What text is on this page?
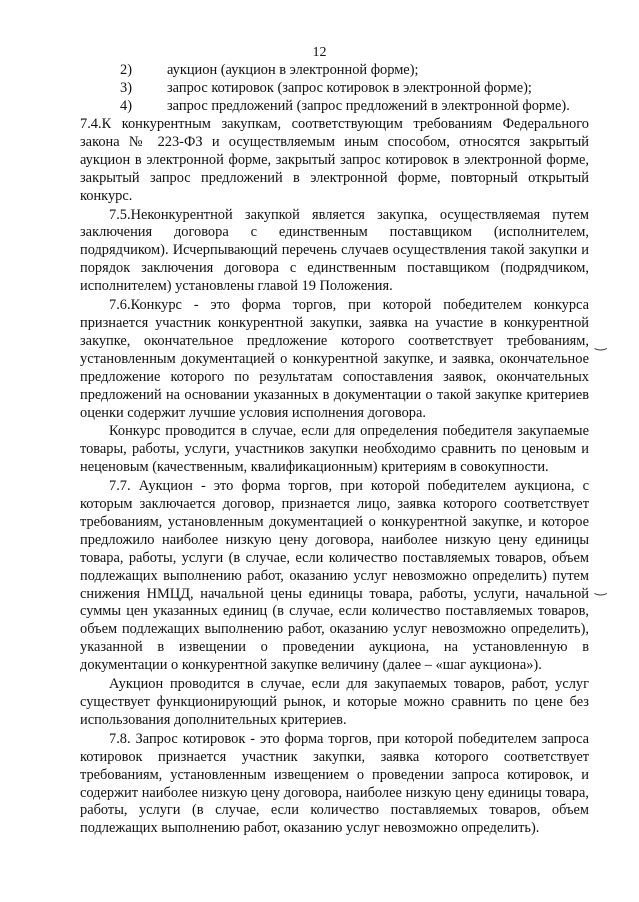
12
2) аукцион (аукцион в электронной форме);
3) запрос котировок (запрос котировок в электронной форме);
4) запрос предложений (запрос предложений в электронной форме).

7.4.К конкурентным закупкам, соответствующим требованиям Федерального закона № 223-ФЗ и осуществляемым иным способом, относятся закрытый аукцион в электронной форме, закрытый запрос котировок в электронной форме, закрытый запрос предложений в электронной форме, повторный открытый конкурс.

7.5.Неконкурентной закупкой является закупка, осуществляемая путем заключения договора с единственным поставщиком (исполнителем, подрядчиком). Исчерпывающий перечень случаев осуществления такой закупки и порядок заключения договора с единственным поставщиком (подрядчиком, исполнителем) установлены главой 19 Положения.

7.6.Конкурс - это форма торгов, при которой победителем конкурса признается участник конкурентной закупки, заявка на участие в конкурентной закупке, окончательное предложение которого соответствует требованиям, установленным документацией о конкурентной закупке, и заявка, окончательное предложение которого по результатам сопоставления заявок, окончательных предложений на основании указанных в документации о такой закупке критериев оценки содержит лучшие условия исполнения договора.

Конкурс проводится в случае, если для определения победителя закупаемые товары, работы, услуги, участников закупки необходимо сравнить по ценовым и неценовым (качественным, квалификационным) критериям в совокупности.

7.7. Аукцион - это форма торгов, при которой победителем аукциона, с которым заключается договор, признается лицо, заявка которого соответствует требованиям, установленным документацией о конкурентной закупке, и которое предложило наиболее низкую цену договора, наиболее низкую цену единицы товара, работы, услуги (в случае, если количество поставляемых товаров, объем подлежащих выполнению работ, оказанию услуг невозможно определить) путем снижения НМЦД, начальной цены единицы товара, работы, услуги, начальной суммы цен указанных единиц (в случае, если количество поставляемых товаров, объем подлежащих выполнению работ, оказанию услуг невозможно определить), указанной в извещении о проведении аукциона, на установленную в документации о конкурентной закупке величину (далее – «шаг аукциона»).

Аукцион проводится в случае, если для закупаемых товаров, работ, услуг существует функционирующий рынок, и которые можно сравнить по цене без использования дополнительных критериев.

7.8. Запрос котировок - это форма торгов, при которой победителем запроса котировок признается участник закупки, заявка которого соответствует требованиям, установленным извещением о проведении запроса котировок, и содержит наиболее низкую цену договора, наиболее низкую цену единицы товара, работы, услуги (в случае, если количество поставляемых товаров, объем подлежащих выполнению работ, оказанию услуг невозможно определить).

‿
‿
